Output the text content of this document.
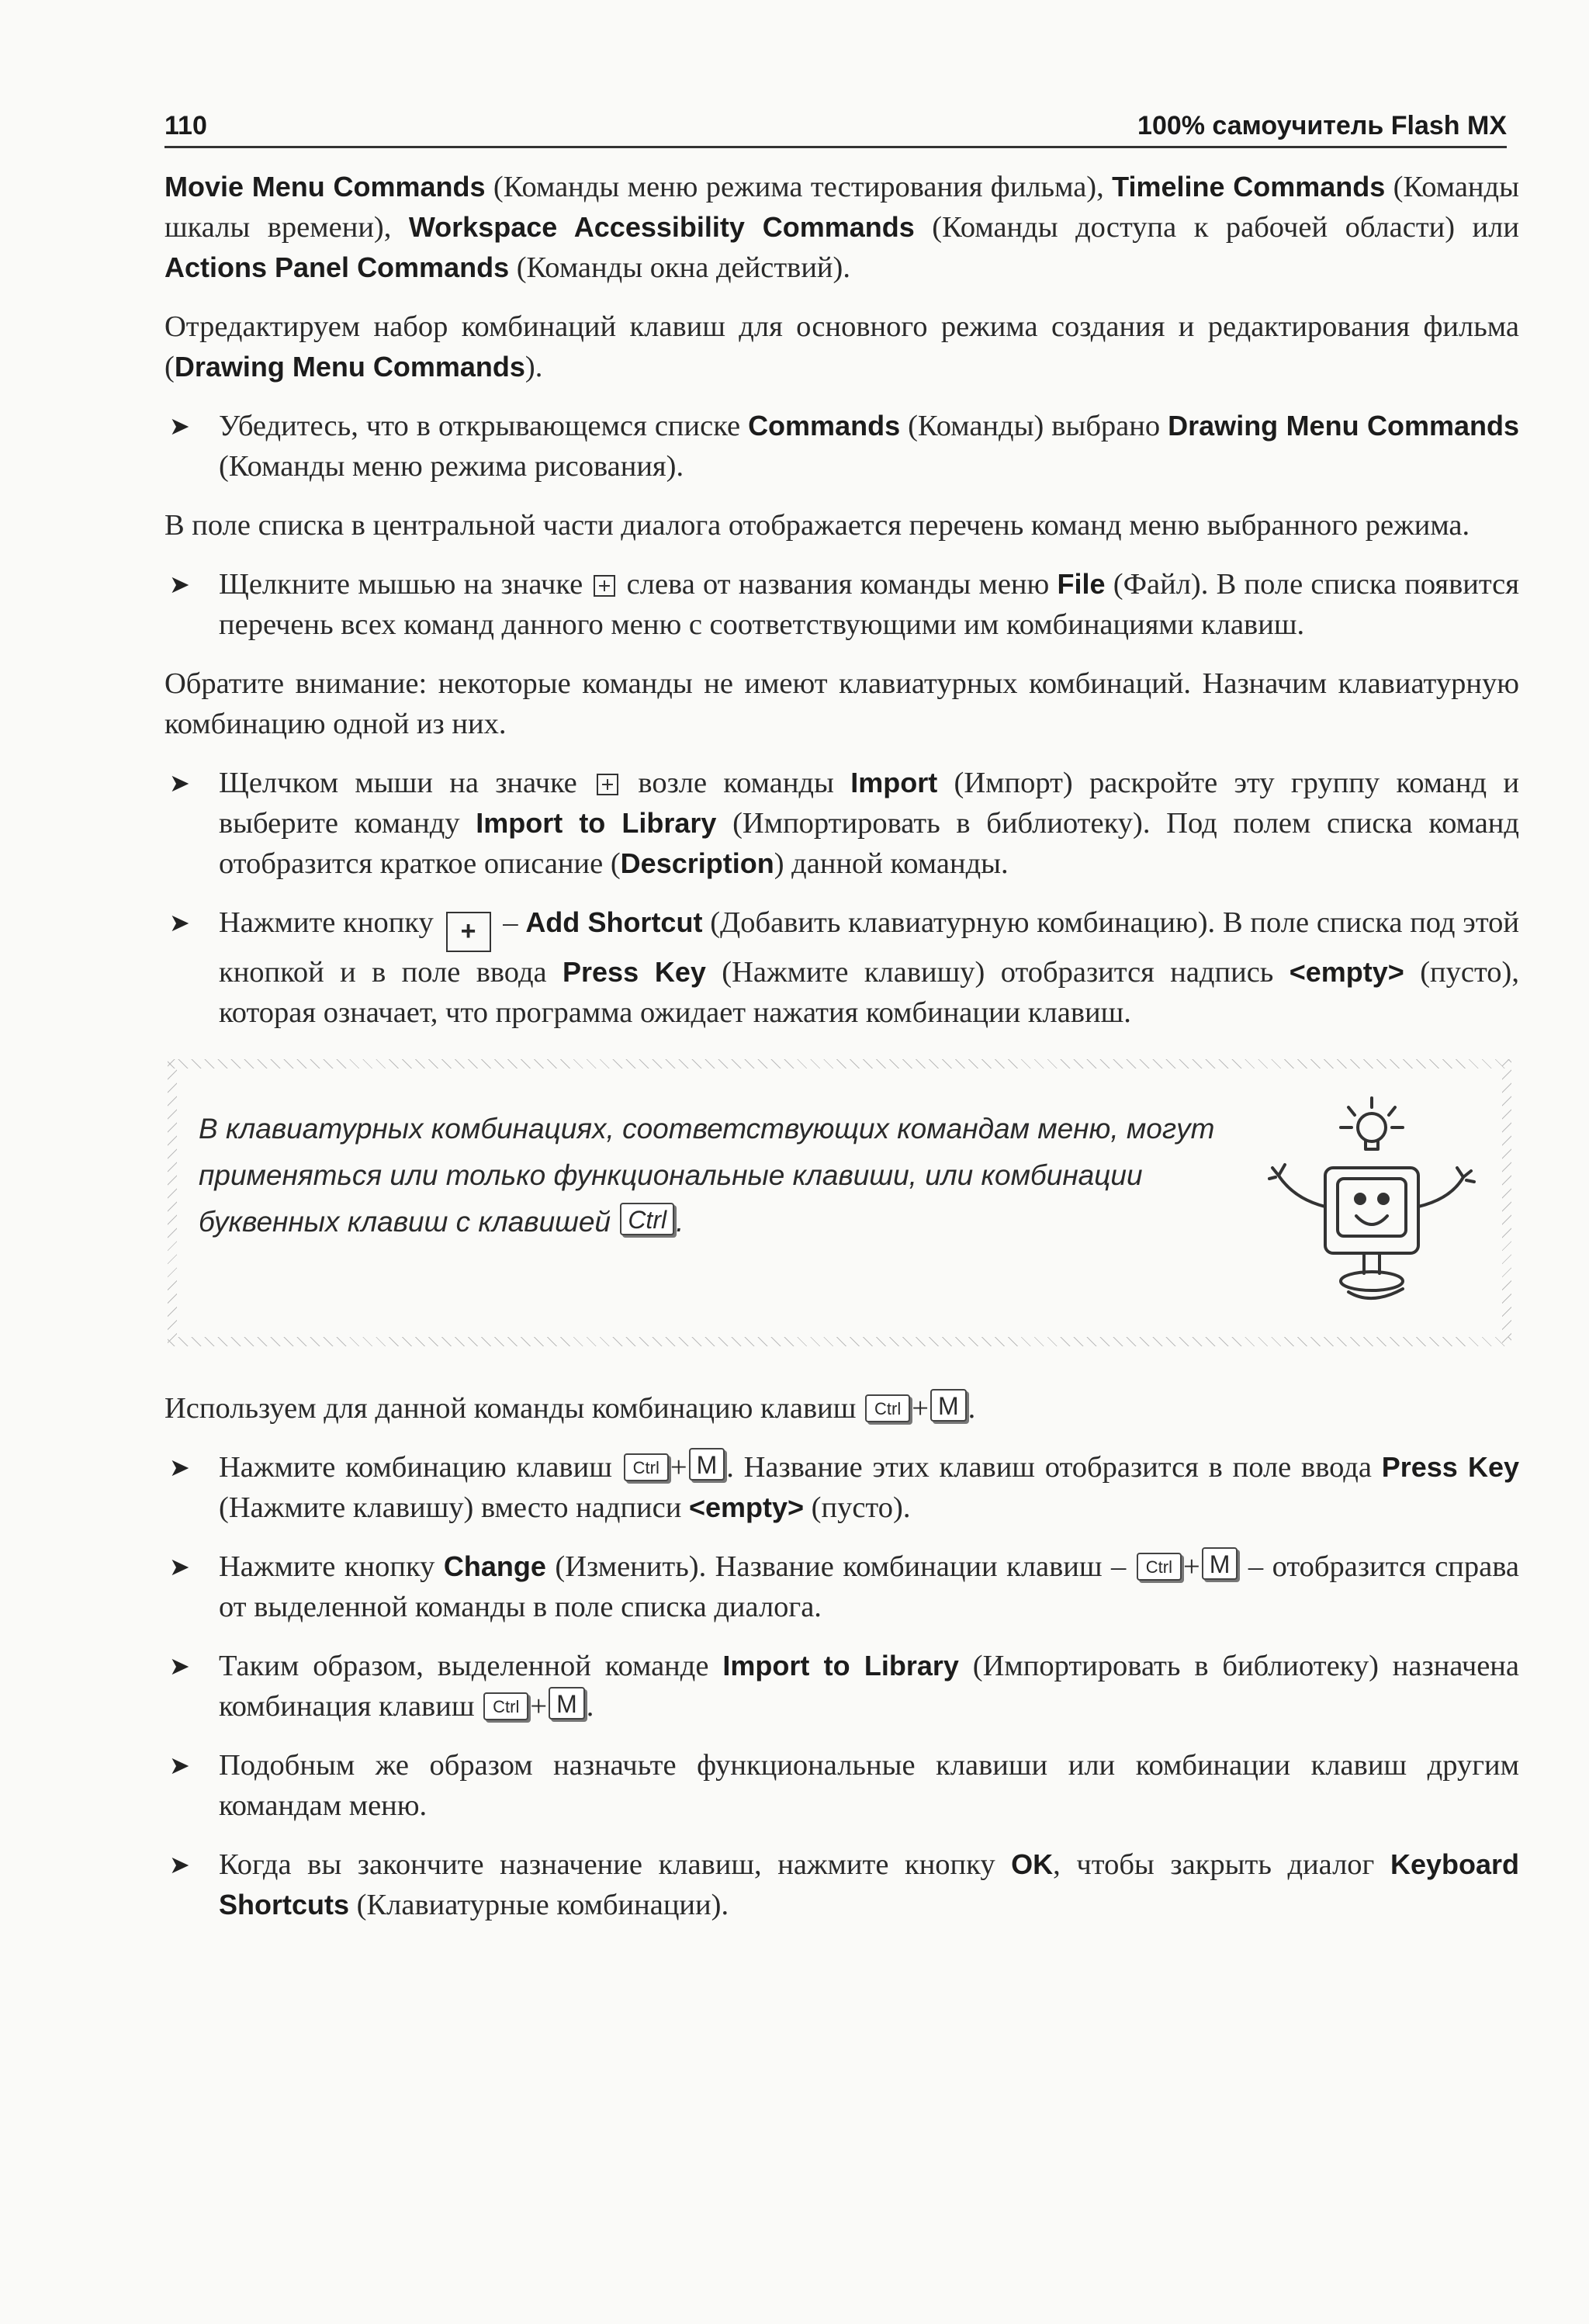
110	100% самоучитель Flash MX

Movie Menu Commands (Команды меню режима тестирования фильма), Timeline Commands (Команды шкалы времени), Workspace Accessibility Commands (Команды доступа к рабочей области) или Actions Panel Commands (Команды окна действий).

Отредактируем набор комбинаций клавиш для основного режима создания и редактирования фильма (Drawing Menu Commands).

➤ Убедитесь, что в открывающемся списке Commands (Команды) выбрано Drawing Menu Commands (Команды меню режима рисования).

В поле списка в центральной части диалога отображается перечень команд меню выбранного режима.

➤ Щелкните мышью на значке  слева от названия команды меню File (Файл). В поле списка появится перечень всех команд данного меню с соответствующими им комбинациями клавиш.

Обратите внимание: некоторые команды не имеют клавиатурных комбинаций. Назначим клавиатурную комбинацию одной из них.

➤ Щелчком мыши на значке  возле команды Import (Импорт) раскройте эту группу команд и выберите команду Import to Library (Импортировать в библиотеку). Под полем списка команд отобразится краткое описание (Description) данной команды.
➤ Нажмите кнопку + – Add Shortcut (Добавить клавиатурную комбинацию). В поле списка под этой кнопкой и в поле ввода Press Key (Нажмите клавишу) отобразится надпись <empty> (пусто), которая означает, что программа ожидает нажатия комбинации клавиш.
В клавиатурных комбинациях, соответствующих командам меню, могут применяться или только функциональные клавиши, или комбинации буквенных клавиш с клавишей Ctrl .

Используем для данной команды комбинацию клавиш Ctrl + M .

➤ Нажмите комбинацию клавиш Ctrl + M . Название этих клавиш отобразится в поле ввода Press Key (Нажмите клавишу) вместо надписи <empty> (пусто).
➤ Нажмите кнопку Change (Изменить). Название комбинации клавиш – Ctrl + M – отобразится справа от выделенной команды в поле списка диалога.
➤ Таким образом, выделенной команде Import to Library (Импортировать в библиотеку) назначена комбинация клавиш Ctrl + M .
➤ Подобным же образом назначьте функциональные клавиши или комбинации клавиш другим командам меню.
➤ Когда вы закончите назначение клавиш, нажмите кнопку OK, чтобы закрыть диалог Keyboard Shortcuts (Клавиатурные комбинации).
